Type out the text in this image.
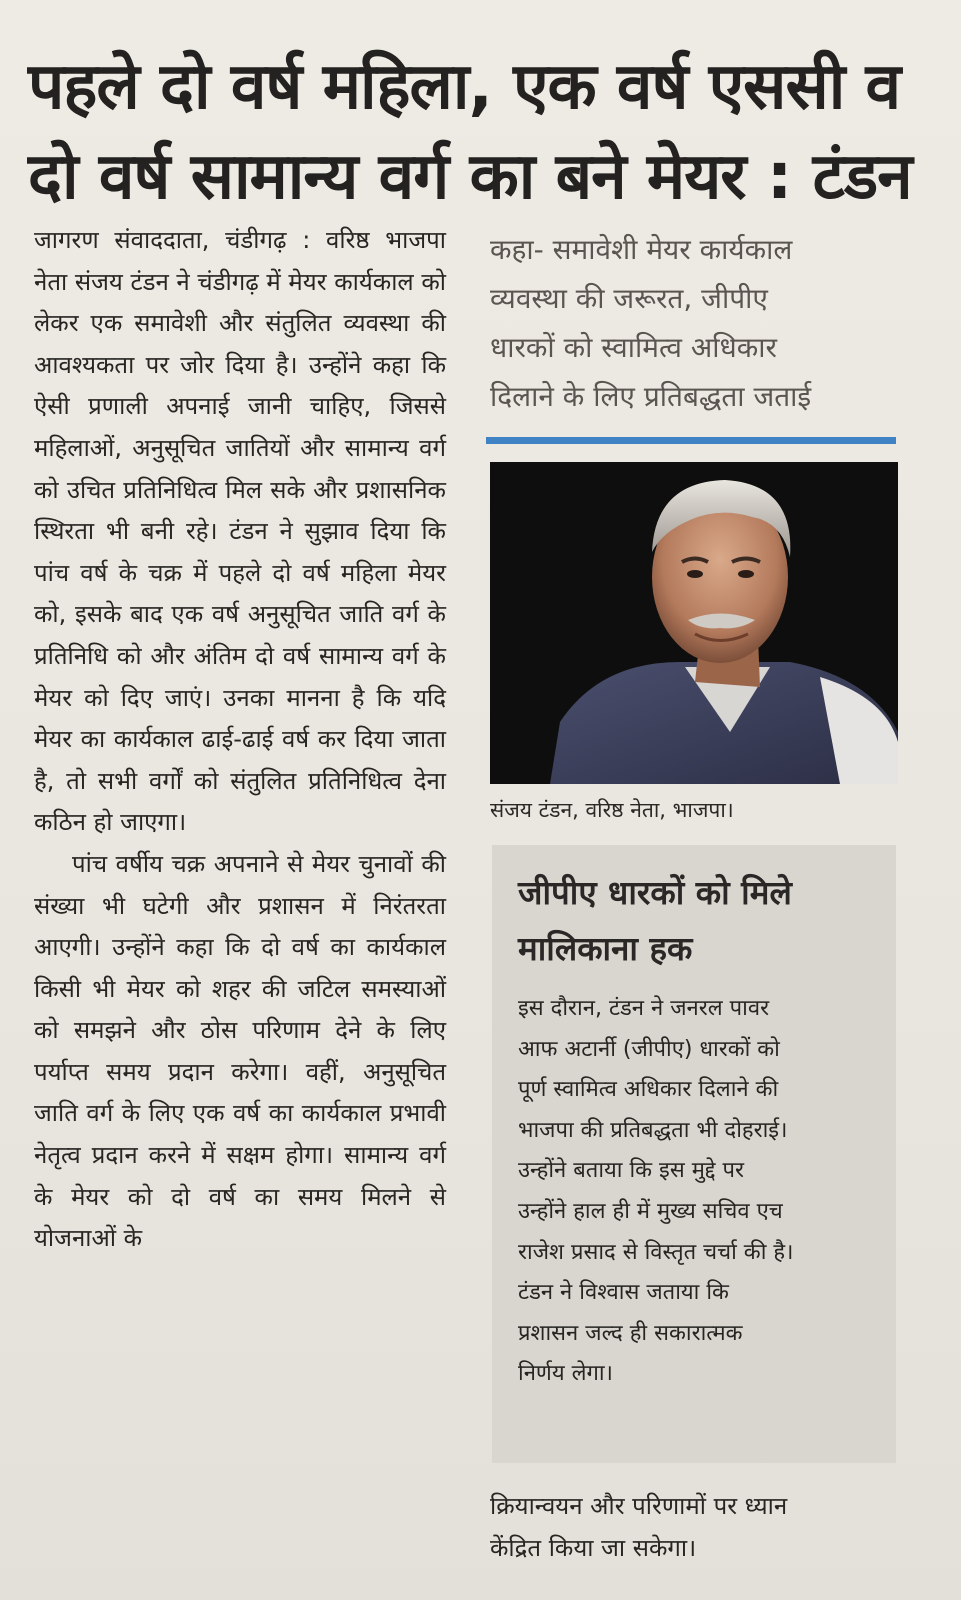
पहले दो वर्ष महिला, एक वर्ष एससी व
दो वर्ष सामान्य वर्ग का बने मेयर : टंडन

जागरण संवाददाता, चंडीगढ़ : वरिष्ठ भाजपा नेता संजय टंडन ने चंडीगढ़ में मेयर कार्यकाल को लेकर एक समावेशी और संतुलित व्यवस्था की आवश्यकता पर जोर दिया है। उन्होंने कहा कि ऐसी प्रणाली अपनाई जानी चाहिए, जिससे महिलाओं, अनुसूचित जातियों और सामान्य वर्ग को उचित प्रतिनिधित्व मिल सके और प्रशासनिक स्थिरता भी बनी रहे। टंडन ने सुझाव दिया कि पांच वर्ष के चक्र में पहले दो वर्ष महिला मेयर को, इसके बाद एक वर्ष अनुसूचित जाति वर्ग के प्रतिनिधि को और अंतिम दो वर्ष सामान्य वर्ग के मेयर को दिए जाएं। उनका मानना है कि यदि मेयर का कार्यकाल ढाई-ढाई वर्ष कर दिया जाता है, तो सभी वर्गों को संतुलित प्रतिनिधित्व देना कठिन हो जाएगा।

पांच वर्षीय चक्र अपनाने से मेयर चुनावों की संख्या भी घटेगी और प्रशासन में निरंतरता आएगी। उन्होंने कहा कि दो वर्ष का कार्यकाल किसी भी मेयर को शहर की जटिल समस्याओं को समझने और ठोस परिणाम देने के लिए पर्याप्त समय प्रदान करेगा। वहीं, अनुसूचित जाति वर्ग के लिए एक वर्ष का कार्यकाल प्रभावी नेतृत्व प्रदान करने में सक्षम होगा। सामान्य वर्ग के मेयर को दो वर्ष का समय मिलने से योजनाओं के

कहा- समावेशी मेयर कार्यकाल
व्यवस्था की जरूरत, जीपीए
धारकों को स्वामित्व अधिकार
दिलाने के लिए प्रतिबद्धता जताई
संजय टंडन, वरिष्ठ नेता, भाजपा।
जीपीए धारकों को मिले
मालिकाना हक
इस दौरान, टंडन ने जनरल पावर
आफ अटार्नी (जीपीए) धारकों को
पूर्ण स्वामित्व अधिकार दिलाने की
भाजपा की प्रतिबद्धता भी दोहराई।
उन्होंने बताया कि इस मुद्दे पर
उन्होंने हाल ही में मुख्य सचिव एच
राजेश प्रसाद से विस्तृत चर्चा की है।
टंडन ने विश्वास जताया कि
प्रशासन जल्द ही सकारात्मक
निर्णय लेगा।
क्रियान्वयन और परिणामों पर ध्यान
केंद्रित किया जा सकेगा।
